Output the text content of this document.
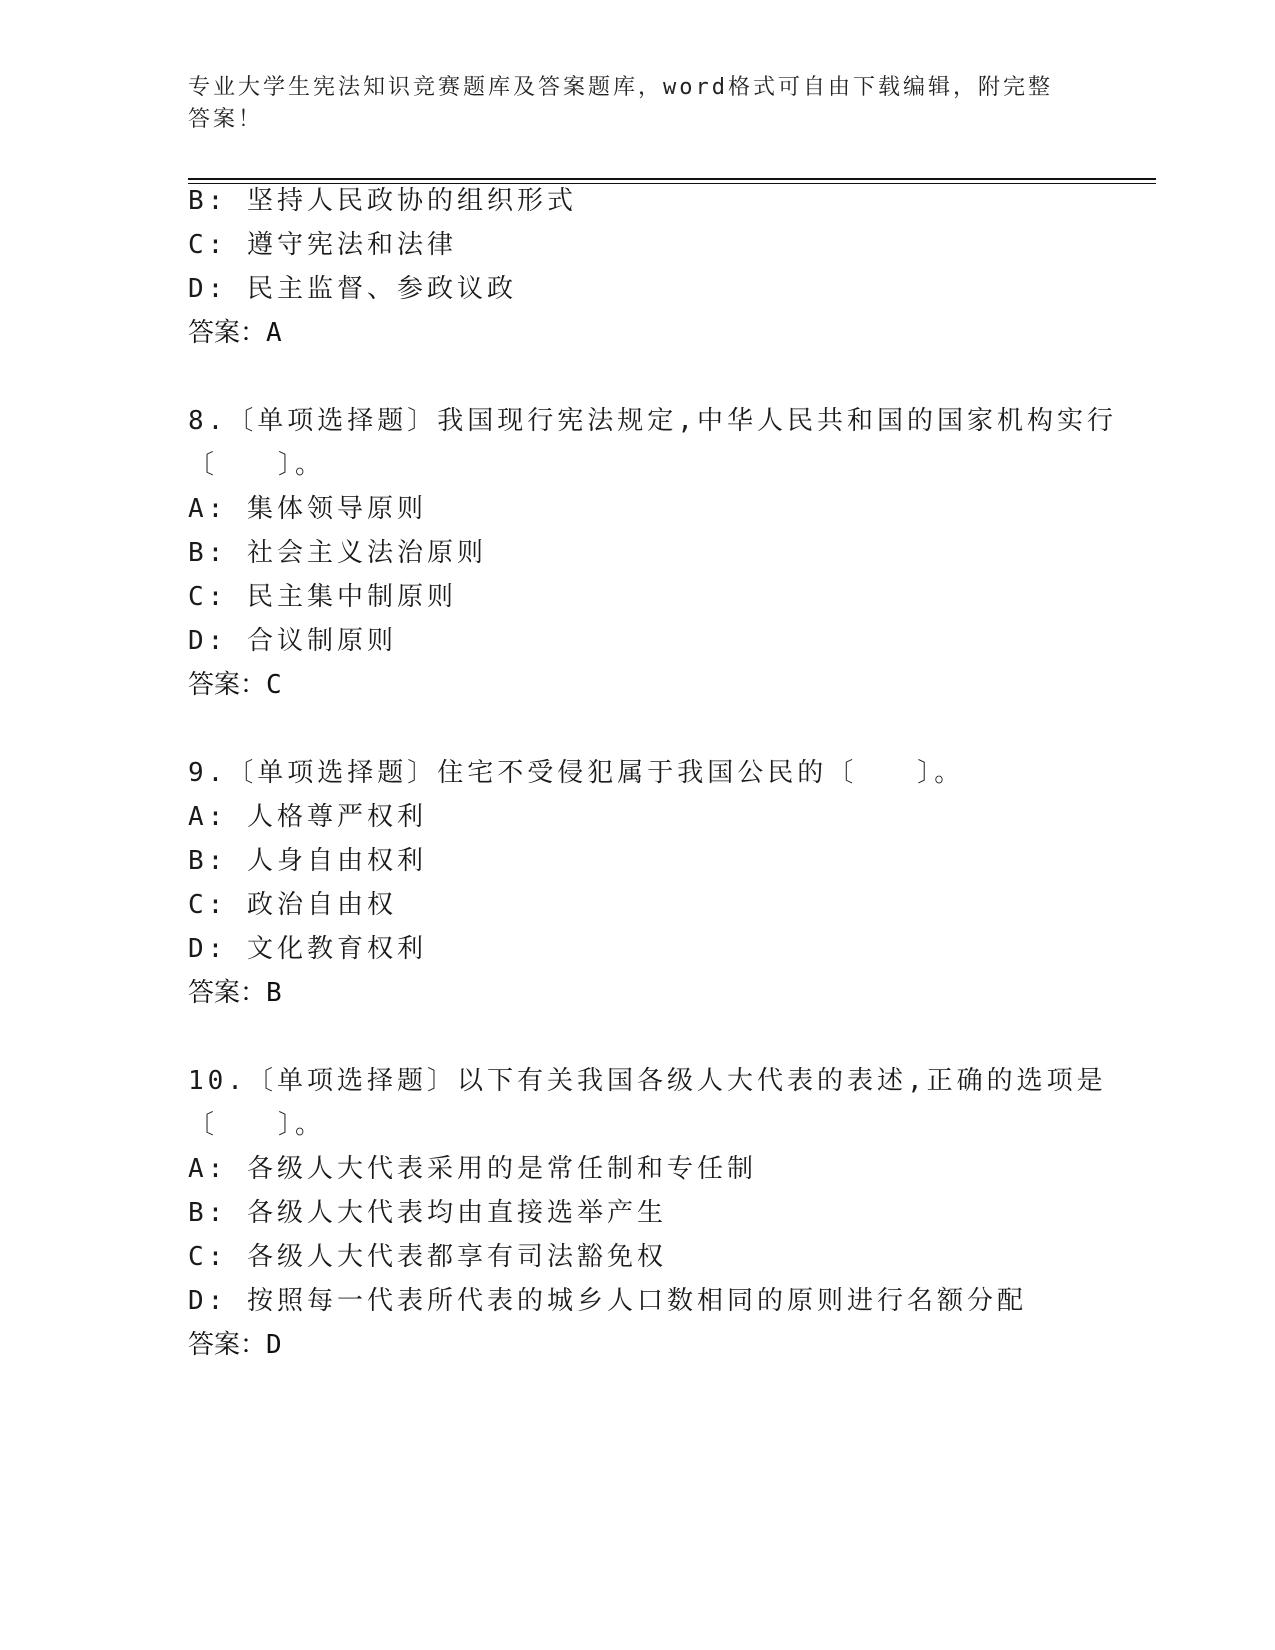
专业大学生宪法知识竞赛题库及答案题库，word格式可自由下载编辑，附完整答案！
B: 坚持人民政协的组织形式
C: 遵守宪法和法律
D: 民主监督、参政议政
答案：A
8.〔单项选择题〕我国现行宪法规定,中华人民共和国的国家机构实行
〔　　〕。
A: 集体领导原则
B: 社会主义法治原则
C: 民主集中制原则
D: 合议制原则
答案：C
9.〔单项选择题〕住宅不受侵犯属于我国公民的〔　　〕。
A: 人格尊严权利
B: 人身自由权利
C: 政治自由权
D: 文化教育权利
答案：B
10.〔单项选择题〕以下有关我国各级人大代表的表述,正确的选项是
〔　　〕。
A: 各级人大代表采用的是常任制和专任制
B: 各级人大代表均由直接选举产生
C: 各级人大代表都享有司法豁免权
D: 按照每一代表所代表的城乡人口数相同的原则进行名额分配
答案：D
